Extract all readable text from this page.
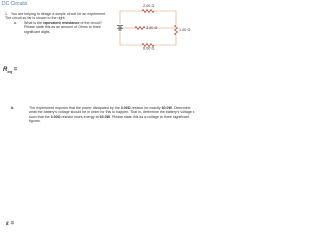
DC Circuits
1. You are helping to design a simple circuit for an experiment. The circuit so far is shown to the right.
a. What is the equivalent resistance of the circuit? Please state this as an amount of Ohms to three significant digits.
2.00 Ω
3.00 Ω	1.00 Ω
6.00 Ω
$R_{eq}$ =
b.	The experiment requires that the power dissipated by the 3.00Ω resistor be exactly 60.0W. Determine what the battery's voltage should be in order for this to happen. That is, determine the battery's voltage ε such that the 3.00Ω resistor loses energy at 60.0W. Please state this as a voltage to three significant figures.
ε =
